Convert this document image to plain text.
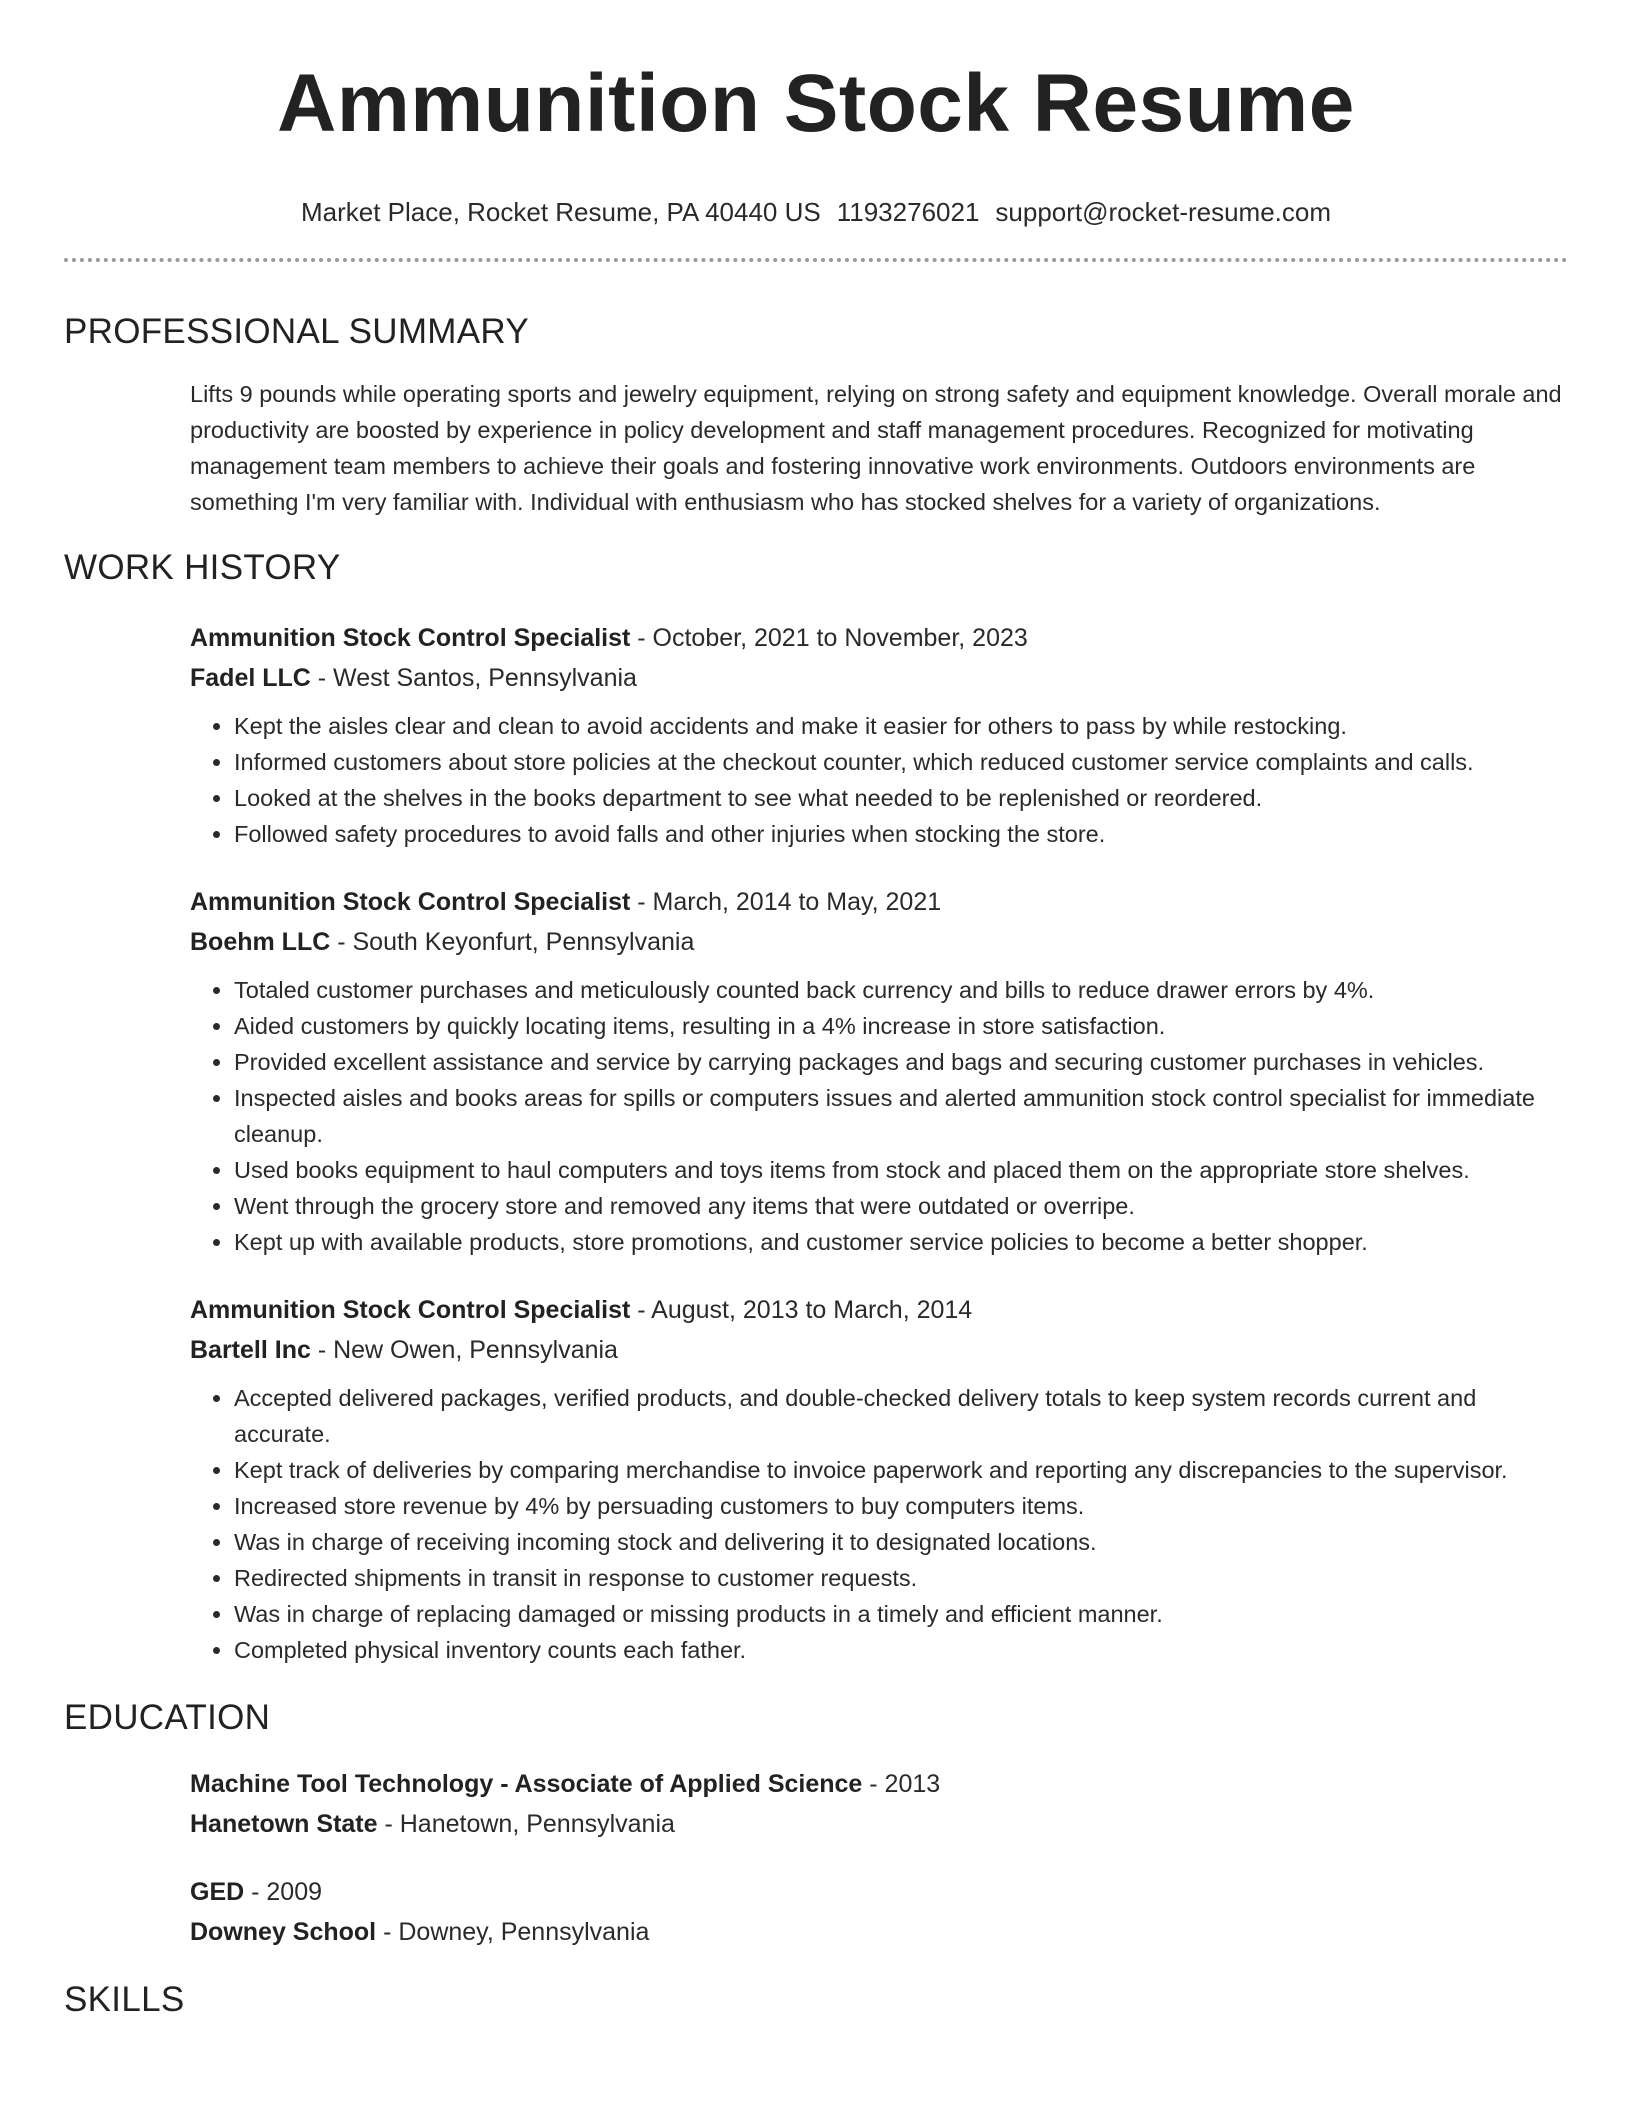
Ammunition Stock Resume
Market Place, Rocket Resume, PA 40440 US 1193276021 support@rocket-resume.com
PROFESSIONAL SUMMARY

Lifts 9 pounds while operating sports and jewelry equipment, relying on strong safety and equipment knowledge. Overall morale and productivity are boosted by experience in policy development and staff management procedures. Recognized for motivating management team members to achieve their goals and fostering innovative work environments. Outdoors environments are something I'm very familiar with. Individual with enthusiasm who has stocked shelves for a variety of organizations.

WORK HISTORY
Ammunition Stock Control Specialist - October, 2021 to November, 2023
Fadel LLC - West Santos, Pennsylvania
• Kept the aisles clear and clean to avoid accidents and make it easier for others to pass by while restocking.
• Informed customers about store policies at the checkout counter, which reduced customer service complaints and calls.
• Looked at the shelves in the books department to see what needed to be replenished or reordered.
• Followed safety procedures to avoid falls and other injuries when stocking the store.
Ammunition Stock Control Specialist - March, 2014 to May, 2021
Boehm LLC - South Keyonfurt, Pennsylvania
• Totaled customer purchases and meticulously counted back currency and bills to reduce drawer errors by 4%.
• Aided customers by quickly locating items, resulting in a 4% increase in store satisfaction.
• Provided excellent assistance and service by carrying packages and bags and securing customer purchases in vehicles.
• Inspected aisles and books areas for spills or computers issues and alerted ammunition stock control specialist for immediate cleanup.
• Used books equipment to haul computers and toys items from stock and placed them on the appropriate store shelves.
• Went through the grocery store and removed any items that were outdated or overripe.
• Kept up with available products, store promotions, and customer service policies to become a better shopper.
Ammunition Stock Control Specialist - August, 2013 to March, 2014
Bartell Inc - New Owen, Pennsylvania
• Accepted delivered packages, verified products, and double-checked delivery totals to keep system records current and accurate.
• Kept track of deliveries by comparing merchandise to invoice paperwork and reporting any discrepancies to the supervisor.
• Increased store revenue by 4% by persuading customers to buy computers items.
• Was in charge of receiving incoming stock and delivering it to designated locations.
• Redirected shipments in transit in response to customer requests.
• Was in charge of replacing damaged or missing products in a timely and efficient manner.
• Completed physical inventory counts each father.
EDUCATION
Machine Tool Technology - Associate of Applied Science - 2013
Hanetown State - Hanetown, Pennsylvania
GED - 2009
Downey School - Downey, Pennsylvania
SKILLS
